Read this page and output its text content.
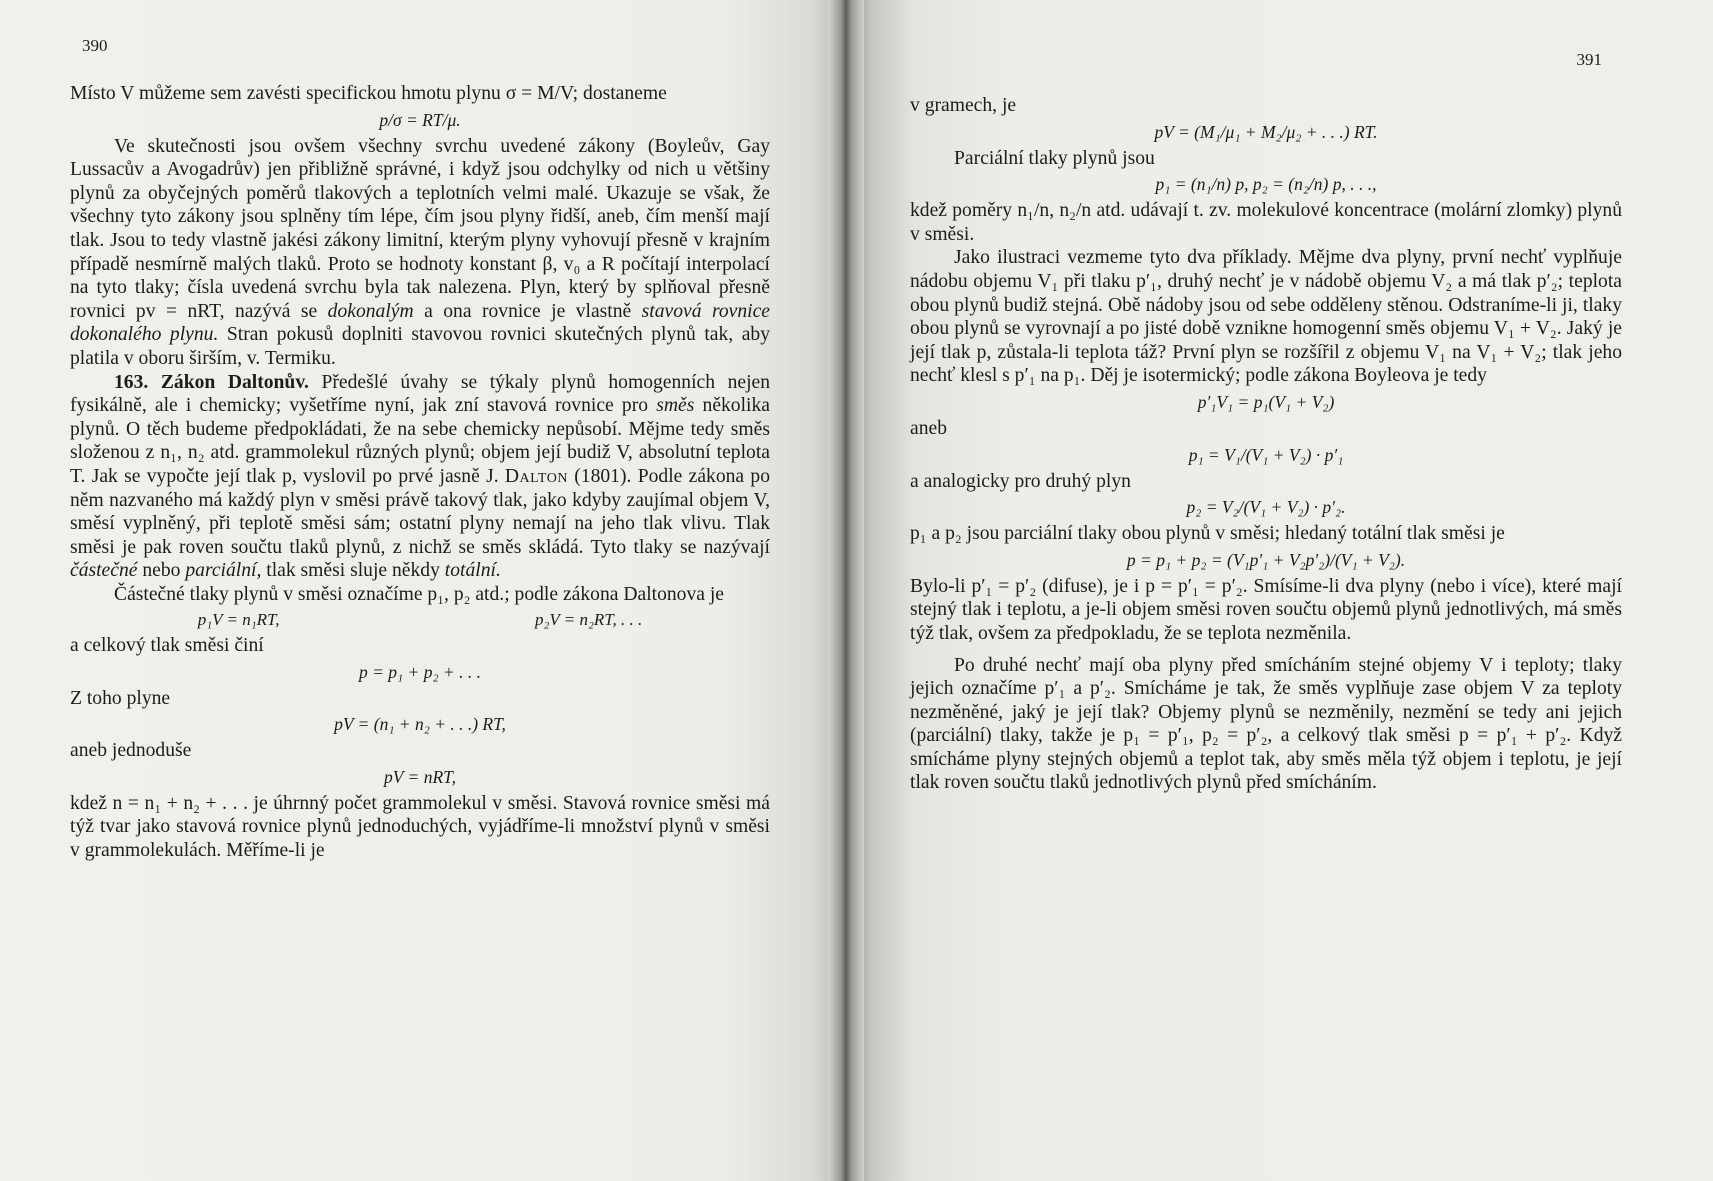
390

Místo V můžeme sem zavésti specifickou hmotu plynu σ = M/V; dostaneme

p/σ = RT/μ.

Ve skutečnosti jsou ovšem všechny svrchu uvedené zákony (Boyleův, Gay Lussacův a Avogadrův) jen přibližně správné, i když jsou odchylky od nich u většiny plynů za obyčejných poměrů tlakových a teplotních velmi malé. Ukazuje se však, že všechny tyto zákony jsou splněny tím lépe, čím jsou plyny řidší, aneb, čím menší mají tlak. Jsou to tedy vlastně jakési zákony limitní, kterým plyny vyhovují přesně v krajním případě nesmírně malých tlaků. Proto se hodnoty konstant β, v₀ a R počítají interpolací na tyto tlaky; čísla uvedená svrchu byla tak nalezena. Plyn, který by splňoval přesně rovnici pv = nRT, nazývá se dokonalým a ona rovnice je vlastně stavová rovnice dokonalého plynu. Stran pokusů doplniti stavovou rovnici skutečných plynů tak, aby platila v oboru širším, v. Termiku.

163. Zákon Daltonův. Předešlé úvahy se týkaly plynů homogenních nejen fysikálně, ale i chemicky; vyšetříme nyní, jak zní stavová rovnice pro směs několika plynů. O těch budeme předpokládati, že na sebe chemicky nepůsobí. Mějme tedy směs složenou z n₁, n₂ atd. grammolekul různých plynů; objem její budiž V, absolutní teplota T. Jak se vypočte její tlak p, vyslovil po prvé jasně J. Dalton (1801). Podle zákona po něm nazvaného má každý plyn v směsi právě takový tlak, jako kdyby zaujímal objem V, směsí vyplněný, při teplotě směsi sám; ostatní plyny nemají na jeho tlak vlivu. Tlak směsi je pak roven součtu tlaků plynů, z nichž se směs skládá. Tyto tlaky se nazývají částečné nebo parciální, tlak směsi sluje někdy totální.

Částečné tlaky plynů v směsi označíme p₁, p₂ atd.; podle zákona Daltonova je

p₁V = n₁RT,	p₂V = n₂RT, . . .

a celkový tlak směsi činí

p = p₁ + p₂ + . . .

Z toho plyne

pV = (n₁ + n₂ + . . .) RT,

aneb jednoduše

pV = nRT,

kdež n = n₁ + n₂ + . . . je úhrnný počet grammolekul v směsi. Stavová rovnice směsi má týž tvar jako stavová rovnice plynů jednoduchých, vyjádříme-li množství plynů v směsi v grammolekulách. Měříme-li je

391

v gramech, je

pV = (M₁/μ₁ + M₂/μ₂ + . . .) RT.

Parciální tlaky plynů jsou

p₁ = (n₁/n) p, p₂ = (n₂/n) p, . . .,

kdež poměry n₁/n, n₂/n atd. udávají t. zv. molekulové koncentrace (molární zlomky) plynů v směsi.

Jako ilustraci vezmeme tyto dva příklady. Mějme dva plyny, první nechť vyplňuje nádobu objemu V₁ při tlaku p′₁, druhý nechť je v nádobě objemu V₂ a má tlak p′₂; teplota obou plynů budiž stejná. Obě nádoby jsou od sebe odděleny stěnou. Odstraníme-li ji, tlaky obou plynů se vyrovnají a po jisté době vznikne homogenní směs objemu V₁ + V₂. Jaký je její tlak p, zůstala-li teplota táž? První plyn se rozšířil z objemu V₁ na V₁ + V₂; tlak jeho nechť klesl s p′₁ na p₁. Děj je isotermický; podle zákona Boyleova je tedy

p′₁V₁ = p₁(V₁ + V₂)

aneb

p₁ = V₁/(V₁ + V₂) · p′₁

a analogicky pro druhý plyn

p₂ = V₂/(V₁ + V₂) · p′₂.

p₁ a p₂ jsou parciální tlaky obou plynů v směsi; hledaný totální tlak směsi je

p = p₁ + p₂ = (V₁p′₁ + V₂p′₂)/(V₁ + V₂).

Bylo-li p′₁ = p′₂ (difuse), je i p = p′₁ = p′₂. Smísíme-li dva plyny (nebo i více), které mají stejný tlak i teplotu, a je-li objem směsi roven součtu objemů plynů jednotlivých, má směs týž tlak, ovšem za předpokladu, že se teplota nezměnila.

Po druhé nechť mají oba plyny před smícháním stejné objemy V i teploty; tlaky jejich označíme p′₁ a p′₂. Smícháme je tak, že směs vyplňuje zase objem V za teploty nezměněné, jaký je její tlak? Objemy plynů se nezměnily, nezmění se tedy ani jejich (parciální) tlaky, takže je p₁ = p′₁, p₂ = p′₂, a celkový tlak směsi p = p′₁ + p′₂. Když smícháme plyny stejných objemů a teplot tak, aby směs měla týž objem i teplotu, je její tlak roven součtu tlaků jednotlivých plynů před smícháním.
